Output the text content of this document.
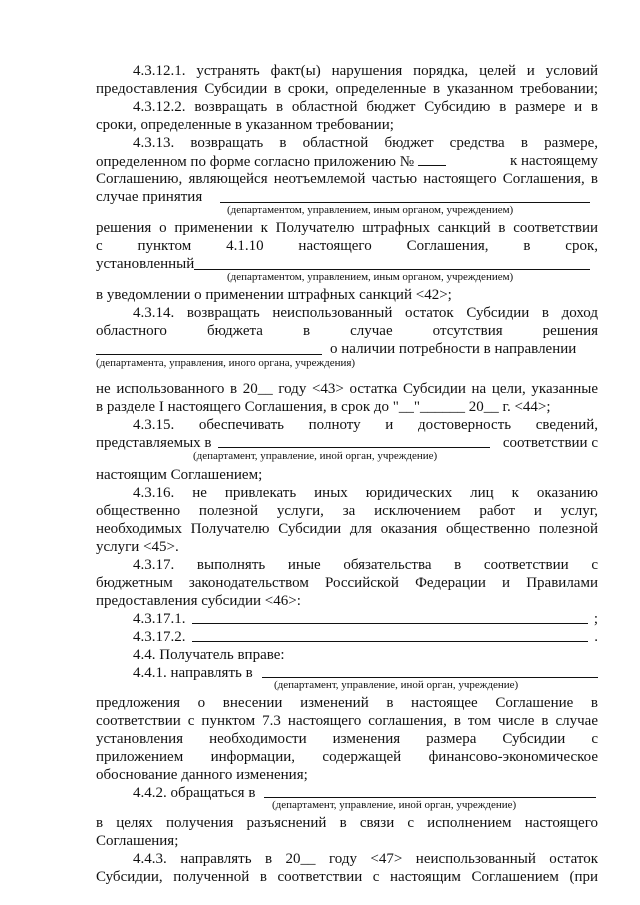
4.3.12.1. устранять факт(ы) нарушения порядка, целей и условий
предоставления Субсидии в сроки, определенные в указанном требовании;
4.3.12.2. возвращать в областной бюджет Субсидию в размере и в
сроки, определенные в указанном требовании;
4.3.13. возвращать в областной бюджет средства в размере,
определенном по форме согласно приложению №	к настоящему
Соглашению, являющейся неотъемлемой частью настоящего Соглашения, в
случае принятия
(департаментом, управлением, иным органом, учреждением)
решения о применении к Получателю штрафных санкций в соответствии
с пунктом 4.1.10 настоящего Соглашения, в срок,
установленный
(департаментом, управлением, иным органом, учреждением)
в уведомлении о применении штрафных санкций <42>;
4.3.14. возвращать неиспользованный остаток Субсидии в доход
областного бюджета в случае отсутствия решения
о наличии потребности в направлении
(департамента, управления, иного органа, учреждения)
не использованного в 20__ году <43> остатка Субсидии на цели, указанные
в разделе I настоящего Соглашения, в срок до "__"______ 20__ г. <44>;
4.3.15. обеспечивать полноту и достоверность сведений,
представляемых в	соответствии с
(департамент, управление, иной орган, учреждение)
настоящим Соглашением;
4.3.16. не привлекать иных юридических лиц к оказанию
общественно полезной услуги, за исключением работ и услуг,
необходимых Получателю Субсидии для оказания общественно полезной
услуги <45>.
4.3.17. выполнять иные обязательства в соответствии с
бюджетным законодательством Российской Федерации и Правилами
предоставления субсидии <46>:
4.3.17.1.	;
4.3.17.2.	.
4.4. Получатель вправе:
4.4.1. направлять в
(департамент, управление, иной орган, учреждение)
предложения о внесении изменений в настоящее Соглашение в
соответствии с пунктом 7.3 настоящего соглашения, в том числе в случае
установления необходимости изменения размера Субсидии с
приложением информации, содержащей финансово-экономическое
обоснование данного изменения;
4.4.2. обращаться в
(департамент, управление, иной орган, учреждение)
в целях получения разъяснений в связи с исполнением настоящего
Соглашения;
4.4.3. направлять в 20__ году <47> неиспользованный остаток
Субсидии, полученной в соответствии с настоящим Соглашением (при
